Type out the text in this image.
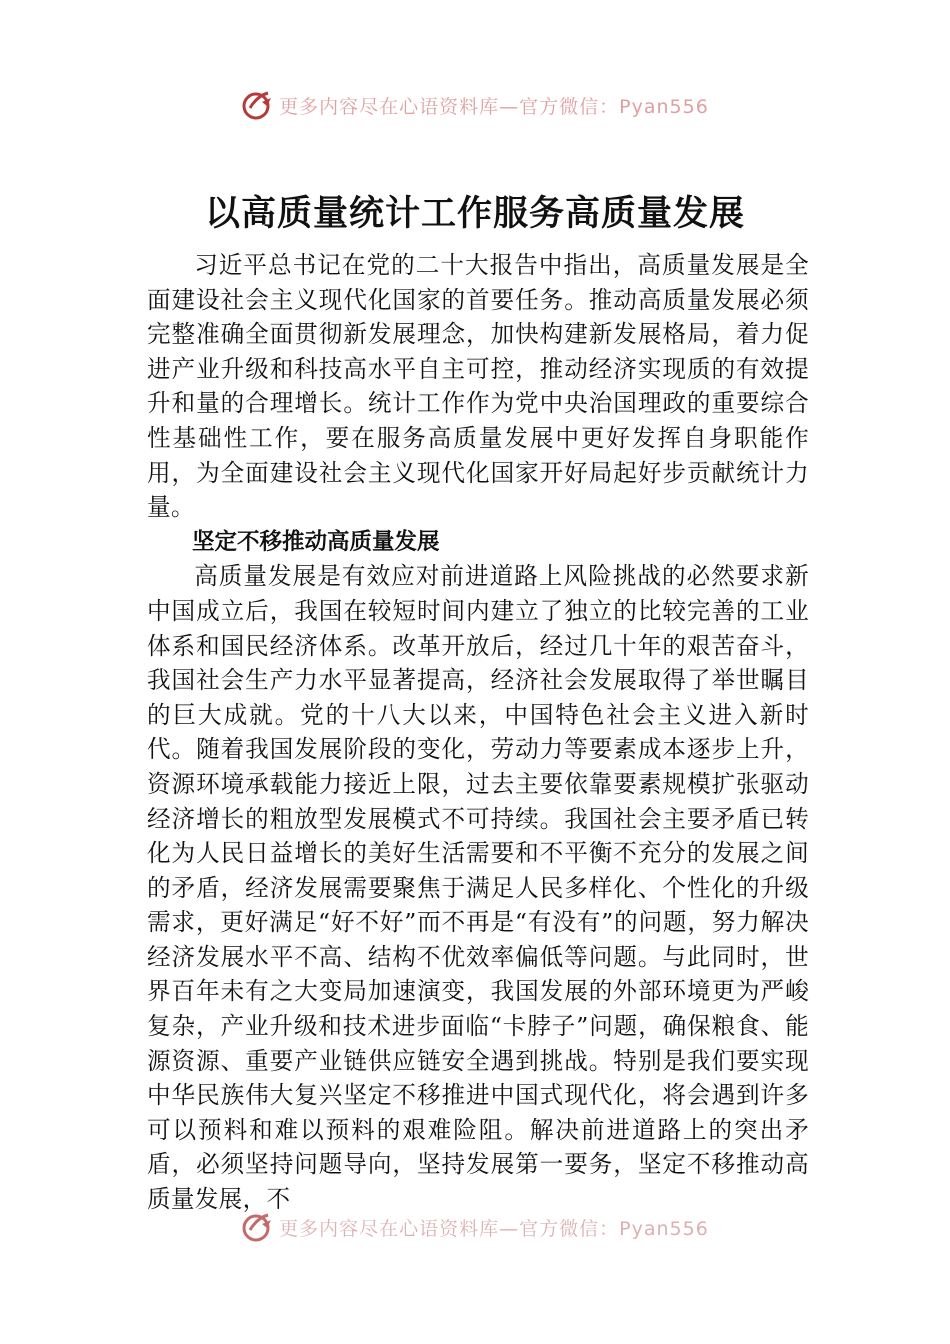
更多内容尽在心语资料库—官方微信：Pyan556
以高质量统计工作服务高质量发展

习近平总书记在党的二十大报告中指出，高质量发展是全面建设社会主义现代化国家的首要任务。推动高质量发展必须完整准确全面贯彻新发展理念，加快构建新发展格局，着力促进产业升级和科技高水平自主可控，推动经济实现质的有效提升和量的合理增长。统计工作作为党中央治国理政的重要综合性基础性工作，要在服务高质量发展中更好发挥自身职能作用，为全面建设社会主义现代化国家开好局起好步贡献统计力量。

坚定不移推动高质量发展

高质量发展是有效应对前进道路上风险挑战的必然要求新中国成立后，我国在较短时间内建立了独立的比较完善的工业体系和国民经济体系。改革开放后，经过几十年的艰苦奋斗，我国社会生产力水平显著提高，经济社会发展取得了举世瞩目的巨大成就。党的十八大以来，中国特色社会主义进入新时代。随着我国发展阶段的变化，劳动力等要素成本逐步上升，资源环境承载能力接近上限，过去主要依靠要素规模扩张驱动经济增长的粗放型发展模式不可持续。我国社会主要矛盾已转化为人民日益增长的美好生活需要和不平衡不充分的发展之间的矛盾，经济发展需要聚焦于满足人民多样化、个性化的升级需求，更好满足“好不好”而不再是“有没有”的问题，努力解决经济发展水平不高、结构不优效率偏低等问题。与此同时，世界百年未有之大变局加速演变，我国发展的外部环境更为严峻复杂，产业升级和技术进步面临“卡脖子”问题，确保粮食、能源资源、重要产业链供应链安全遇到挑战。特别是我们要实现中华民族伟大复兴坚定不移推进中国式现代化，将会遇到许多可以预料和难以预料的艰难险阻。解决前进道路上的突出矛盾，必须坚持问题导向，坚持发展第一要务，坚定不移推动高质量发展，不

更多内容尽在心语资料库—官方微信：Pyan556
